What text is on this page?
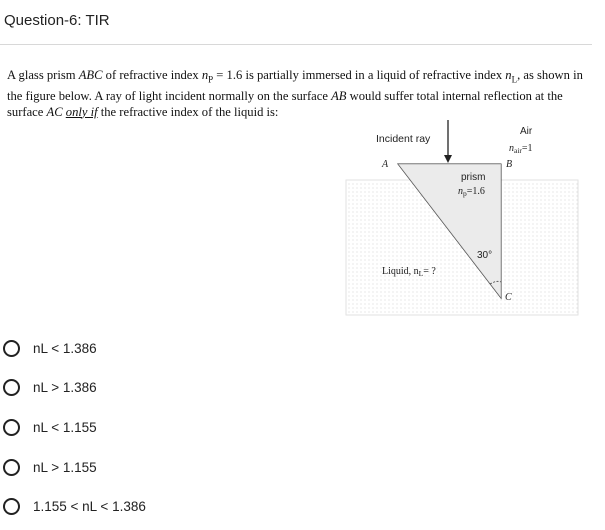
Question-6: TIR
A glass prism ABC of refractive index $n_P = 1.6$ is partially immersed in a liquid of refractive index $n_L$, as shown in the figure below. A ray of light incident normally on the surface AB would suffer total internal reflection at the surface AC only if the refractive index of the liquid is:
Incident ray
Air
$n_{air}=1$
A	B
C
prism
$n_p=1.6$
30°
Liquid, $n_L=$ ?
nL < 1.386
nL > 1.386
nL < 1.155
nL > 1.155
1.155 < nL < 1.386
